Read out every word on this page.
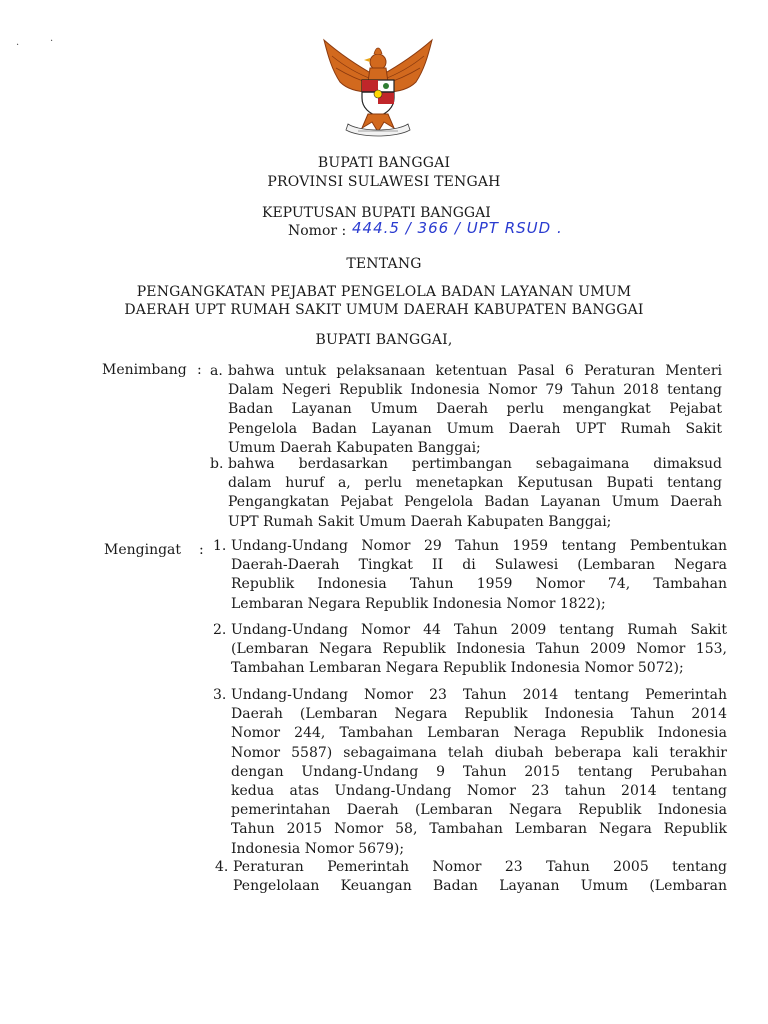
·	·
BUPATI BANGGAI
PROVINSI SULAWESI TENGAH
KEPUTUSAN BUPATI BANGGAI
Nomor : 444.5 / 366 / UPT RSUD .
TENTANG
PENGANGKATAN PEJABAT PENGELOLA BADAN LAYANAN UMUM
DAERAH UPT RUMAH SAKIT UMUM DAERAH KABUPATEN BANGGAI
BUPATI BANGGAI,
Menimbang : a. bahwa untuk pelaksanaan ketentuan Pasal 6 Peraturan Menteri
Dalam Negeri Republik Indonesia Nomor 79 Tahun 2018 tentang
Badan Layanan Umum Daerah perlu mengangkat Pejabat
Pengelola Badan Layanan Umum Daerah UPT Rumah Sakit
Umum Daerah Kabupaten Banggai;
b. bahwa berdasarkan pertimbangan sebagaimana dimaksud
dalam huruf a, perlu menetapkan Keputusan Bupati tentang
Pengangkatan Pejabat Pengelola Badan Layanan Umum Daerah
UPT Rumah Sakit Umum Daerah Kabupaten Banggai;
Mengingat : 1. Undang-Undang Nomor 29 Tahun 1959 tentang Pembentukan
Daerah-Daerah Tingkat II di Sulawesi (Lembaran Negara
Republik Indonesia Tahun 1959 Nomor 74, Tambahan
Lembaran Negara Republik Indonesia Nomor 1822);
2. Undang-Undang Nomor 44 Tahun 2009 tentang Rumah Sakit
(Lembaran Negara Republik Indonesia Tahun 2009 Nomor 153,
Tambahan Lembaran Negara Republik Indonesia Nomor 5072);
3. Undang-Undang Nomor 23 Tahun 2014 tentang Pemerintah
Daerah (Lembaran Negara Republik Indonesia Tahun 2014
Nomor 244, Tambahan Lembaran Neraga Republik Indonesia
Nomor 5587) sebagaimana telah diubah beberapa kali terakhir
dengan Undang-Undang 9 Tahun 2015 tentang Perubahan
kedua atas Undang-Undang Nomor 23 tahun 2014 tentang
pemerintahan Daerah (Lembaran Negara Republik Indonesia
Tahun 2015 Nomor 58, Tambahan Lembaran Negara Republik
Indonesia Nomor 5679);
4. Peraturan Pemerintah Nomor 23 Tahun 2005 tentang
Pengelolaan Keuangan Badan Layanan Umum (Lembaran
